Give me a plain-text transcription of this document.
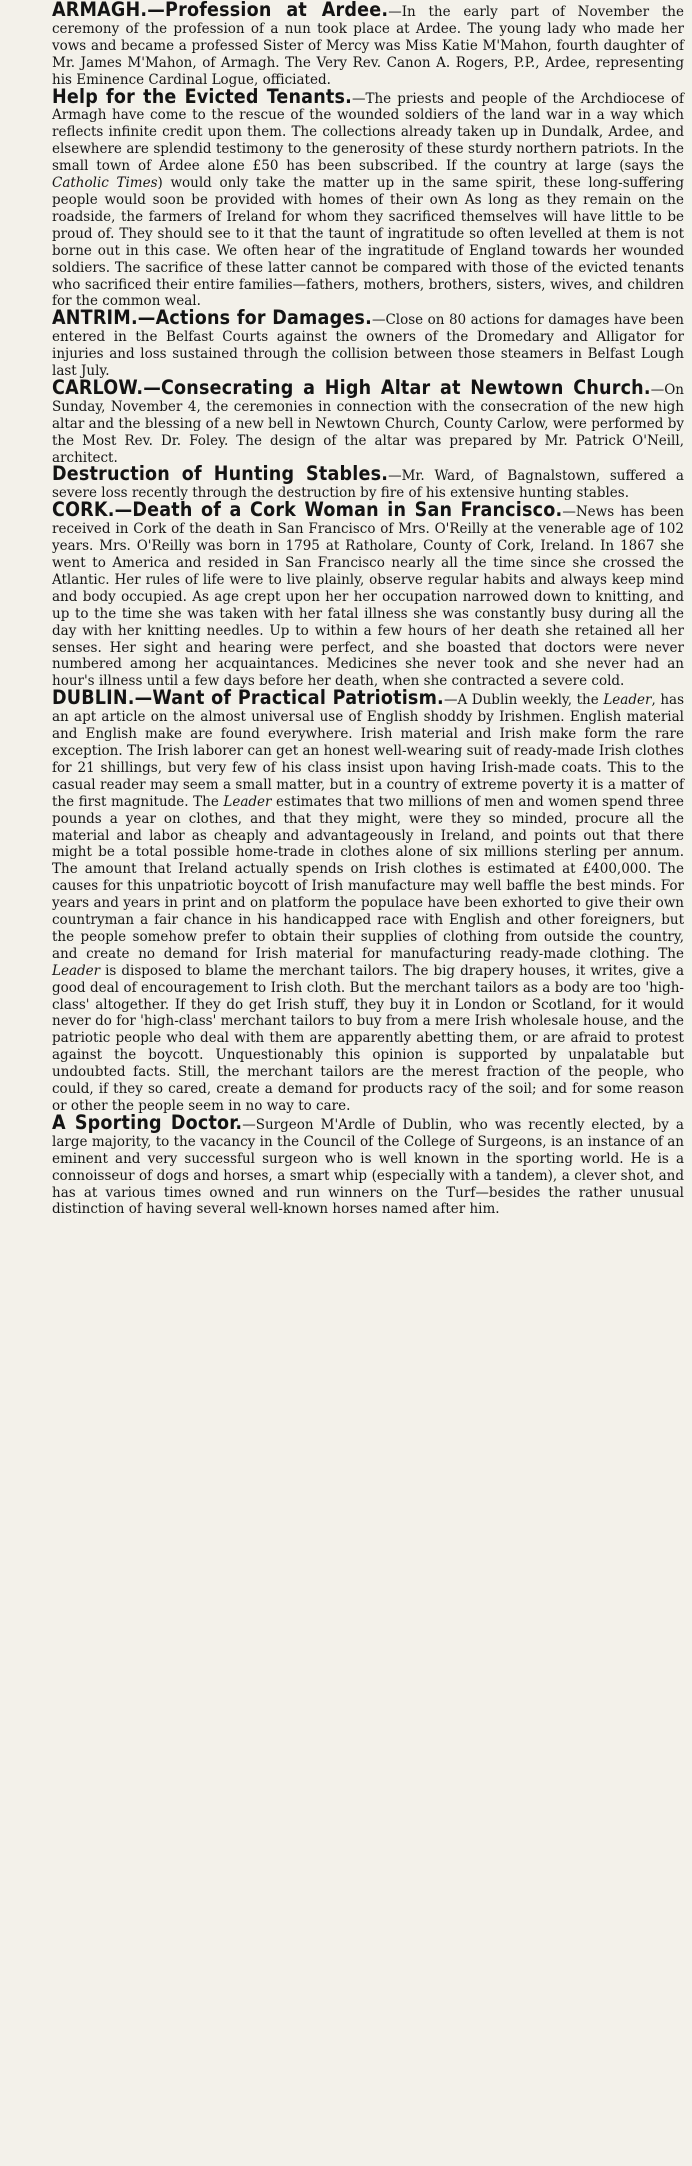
ARMAGH.—Profession at Ardee.—In the early part of November the ceremony of the profession of a nun took place at Ardee. The young lady who made her vows and became a professed Sister of Mercy was Miss Katie M'Mahon, fourth daughter of Mr. James M'Mahon, of Armagh. The Very Rev. Canon A. Rogers, P.P., Ardee, representing his Eminence Cardinal Logue, officiated.

Help for the Evicted Tenants.—The priests and people of the Archdiocese of Armagh have come to the rescue of the wounded soldiers of the land war in a way which reflects infinite credit upon them. The collections already taken up in Dundalk, Ardee, and elsewhere are splendid testimony to the generosity of these sturdy northern patriots. In the small town of Ardee alone £50 has been subscribed. If the country at large (says the Catholic Times) would only take the matter up in the same spirit, these long-suffering people would soon be provided with homes of their own As long as they remain on the roadside, the farmers of Ireland for whom they sacrificed themselves will have little to be proud of. They should see to it that the taunt of ingratitude so often levelled at them is not borne out in this case. We often hear of the ingratitude of England towards her wounded soldiers. The sacrifice of these latter cannot be compared with those of the evicted tenants who sacrificed their entire families—fathers, mothers, brothers, sisters, wives, and children for the common weal.

ANTRIM.—Actions for Damages.—Close on 80 actions for damages have been entered in the Belfast Courts against the owners of the Dromedary and Alligator for injuries and loss sustained through the collision between those steamers in Belfast Lough last July.

CARLOW.—Consecrating a High Altar at Newtown Church.—On Sunday, November 4, the ceremonies in connection with the consecration of the new high altar and the blessing of a new bell in Newtown Church, County Carlow, were performed by the Most Rev. Dr. Foley. The design of the altar was prepared by Mr. Patrick O'Neill, architect.

Destruction of Hunting Stables.—Mr. Ward, of Bagnalstown, suffered a severe loss recently through the destruction by fire of his extensive hunting stables.

CORK.—Death of a Cork Woman in San Francisco.—News has been received in Cork of the death in San Francisco of Mrs. O'Reilly at the venerable age of 102 years. Mrs. O'Reilly was born in 1795 at Ratholare, County of Cork, Ireland. In 1867 she went to America and resided in San Francisco nearly all the time since she crossed the Atlantic. Her rules of life were to live plainly, observe regular habits and always keep mind and body occupied. As age crept upon her her occupation narrowed down to knitting, and up to the time she was taken with her fatal illness she was constantly busy during all the day with her knitting needles. Up to within a few hours of her death she retained all her senses. Her sight and hearing were perfect, and she boasted that doctors were never numbered among her acquaintances. Medicines she never took and she never had an hour's illness until a few days before her death, when she contracted a severe cold.

DUBLIN.—Want of Practical Patriotism.—A Dublin weekly, the Leader, has an apt article on the almost universal use of English shoddy by Irishmen. English material and English make are found everywhere. Irish material and Irish make form the rare exception. The Irish laborer can get an honest well-wearing suit of ready-made Irish clothes for 21 shillings, but very few of his class insist upon having Irish-made coats. This to the casual reader may seem a small matter, but in a country of extreme poverty it is a matter of the first magnitude. The Leader estimates that two millions of men and women spend three pounds a year on clothes, and that they might, were they so minded, procure all the material and labor as cheaply and advantageously in Ireland, and points out that there might be a total possible home-trade in clothes alone of six millions sterling per annum. The amount that Ireland actually spends on Irish clothes is estimated at £400,000. The causes for this unpatriotic boycott of Irish manufacture may well baffle the best minds. For years and years in print and on platform the populace have been exhorted to give their own countryman a fair chance in his handicapped race with English and other foreigners, but the people somehow prefer to obtain their supplies of clothing from outside the country, and create no demand for Irish material for manufacturing ready-made clothing. The Leader is disposed to blame the merchant tailors. The big drapery houses, it writes, give a good deal of encouragement to Irish cloth. But the merchant tailors as a body are too 'high-class' altogether. If they do get Irish stuff, they buy it in London or Scotland, for it would never do for 'high-class' merchant tailors to buy from a mere Irish wholesale house, and the patriotic people who deal with them are apparently abetting them, or are afraid to protest against the boycott. Unquestionably this opinion is supported by unpalatable but undoubted facts. Still, the merchant tailors are the merest fraction of the people, who could, if they so cared, create a demand for products racy of the soil; and for some reason or other the people seem in no way to care.

A Sporting Doctor.—Surgeon M'Ardle of Dublin, who was recently elected, by a large majority, to the vacancy in the Council of the College of Surgeons, is an instance of an eminent and very successful surgeon who is well known in the sporting world. He is a connoisseur of dogs and horses, a smart whip (especially with a tandem), a clever shot, and has at various times owned and run winners on the Turf—besides the rather unusual distinction of having several well-known horses named after him.
